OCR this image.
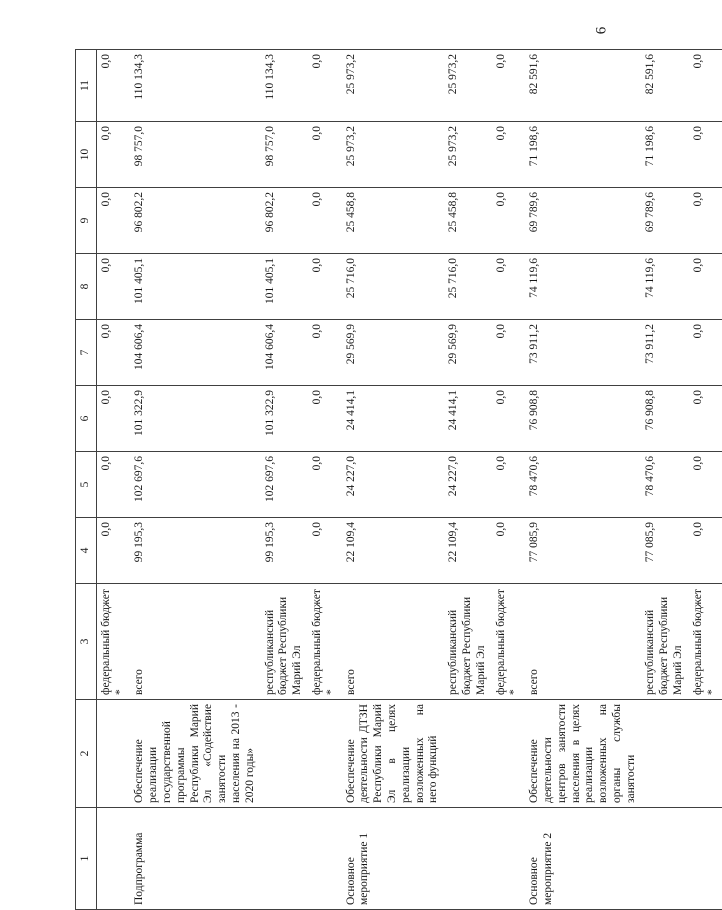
6
1	2	3	4	5	6	7	8	9	10	11
		федеральный бюджет *	0,0	0,0	0,0	0,0	0,0	0,0	0,0	0,0
Подпрограмма	Обеспечение реализации государственной программы Республики Марий Эл «Содействие занятости населения на 2013 - 2020 годы»	всего	99 195,3	102 697,6	101 322,9	104 606,4	101 405,1	96 802,2	98 757,0	110 134,3
		республиканский бюджет Республики Марий Эл	99 195,3	102 697,6	101 322,9	104 606,4	101 405,1	96 802,2	98 757,0	110 134,3
		федеральный бюджет *	0,0	0,0	0,0	0,0	0,0	0,0	0,0	0,0
Основное мероприятие 1	Обеспечение деятельности ДТЗН Республики Марий Эл в целях реализации возложенных на него функций	всего	22 109,4	24 227,0	24 414,1	29 569,9	25 716,0	25 458,8	25 973,2	25 973,2
		республиканский бюджет Республики Марий Эл	22 109,4	24 227,0	24 414,1	29 569,9	25 716,0	25 458,8	25 973,2	25 973,2
		федеральный бюджет *	0,0	0,0	0,0	0,0	0,0	0,0	0,0	0,0
Основное мероприятие 2	Обеспечение деятельности центров занятости населения в целях реализации возложенных на органы службы занятости	всего	77 085,9	78 470,6	76 908,8	73 911,2	74 119,6	69 789,6	71 198,6	82 591,6
		республиканский бюджет Республики Марий Эл	77 085,9	78 470,6	76 908,8	73 911,2	74 119,6	69 789,6	71 198,6	82 591,6
		федеральный бюджет *	0,0	0,0	0,0	0,0	0,0	0,0	0,0	0,0
